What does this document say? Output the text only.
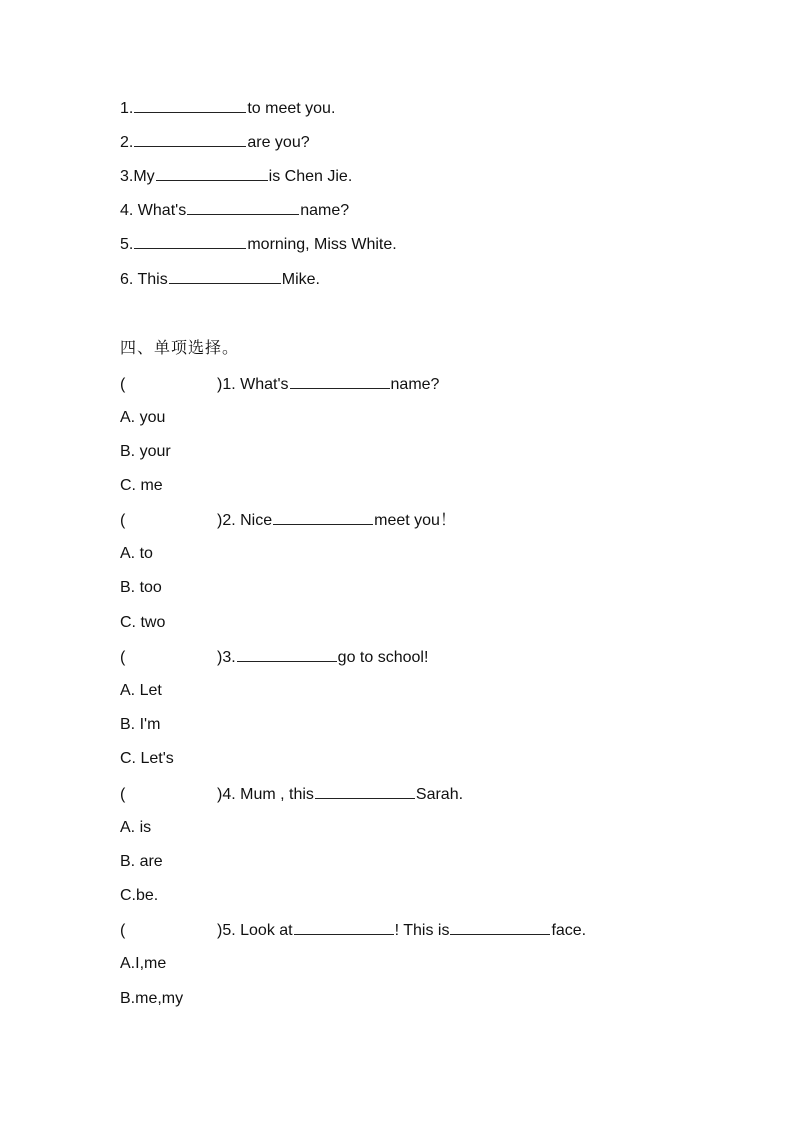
1.	to meet you.
2.	are you?
3.My	is Chen Jie.
4. What's	name?
5.	morning, Miss White.
6. This	Mike.
四、单项选择。
(	)1. What's	name?
A. you
B. your
C. me
(	)2. Nice	meet you！
A. to
B. too
C. two
(	)3.	go to school!
A. Let
B. I'm
C. Let's
(	)4. Mum , this	Sarah.
A. is
B. are
C.be.
(	)5. Look at	! This is	face.
A.I,me
B.me,my
